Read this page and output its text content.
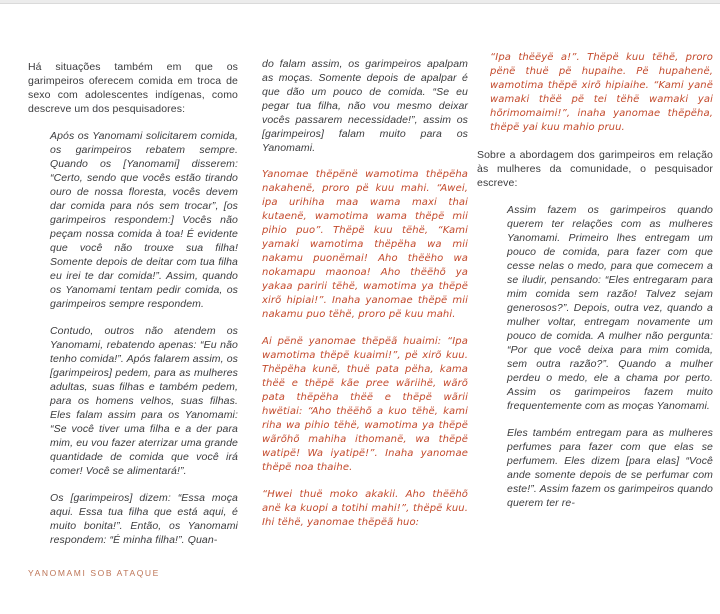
Há situações também em que os garimpeiros oferecem comida em troca de sexo com adolescentes indígenas, como descreve um dos pesquisadores:

Após os Yanomami solicitarem comida, os garimpeiros rebatem sempre. Quando os [Yanomami] disserem: “Certo, sendo que vocês estão tirando ouro de nossa floresta, vocês devem dar comida para nós sem trocar”, [os garimpeiros respondem:] Vocês não peçam nossa comida à toa! É evidente que você não trouxe sua filha! Somente depois de deitar com tua filha eu irei te dar comida!”. Assim, quando os Yanomami tentam pedir comida, os garimpeiros sempre respondem.

Contudo, outros não atendem os Yanomami, rebatendo apenas: “Eu não tenho comida!”. Após falarem assim, os [garimpeiros] pedem, para as mulheres adultas, suas filhas e também pedem, para os homens velhos, suas filhas. Eles falam assim para os Yanomami: “Se você tiver uma filha e a der para mim, eu vou fazer aterrizar uma grande quantidade de comida que você irá comer! Você se alimentará!”.

Os [garimpeiros] dizem: “Essa moça aqui. Essa tua filha que está aqui, é muito bonita!”. Então, os Yanomami respondem: “É minha filha!”. Quan-

do falam assim, os garimpeiros apalpam as moças. Somente depois de apalpar é que dão um pouco de comida. “Se eu pegar tua filha, não vou mesmo deixar vocês passarem necessidade!”, assim os [garimpeiros] falam muito para os Yanomami.

Yanomae thëpënë wamotima thëpëha nakahenë, proro pë kuu mahi. “Awei, ipa urihiha maa wama maxi thai kutaenë, wamotima wama thëpë mii pihio puo”. Thëpë kuu tëhë, “Kami yamaki wamotima thëpëha wa mii nakamu puonëmai! Aho thëëho wa nokamapu maonoa! Aho thëëhõ ya yakaa paririi tëhë, wamotima ya thëpë xirõ hipiai!”. Inaha yanomae thëpë mii nakamu puo tëhë, proro pë kuu mahi.

Ai pënë yanomae thëpëã huaimi: “Ipa wamotima thëpë kuaimi!”, pë xirõ kuu. Thëpëha kunë, thuë pata pëha, kama thëë e thëpë kãe pree wãriihë, wãrõ pata thëpëha thëë e thëpë wãrii hwëtiai: “Aho thëëhõ a kuo tëhë, kami riha wa pihio tëhë, wamotima ya thëpë wãrõhõ mahiha ithomanë, wa thëpë watipë! Wa iyatipë!”. Inaha yanomae thëpë noa thaihe.

“Hwei thuë moko akakii. Aho thëëhõ anë ka kuopi a totihi mahi!”, thëpë kuu. Ihi tëhë, yanomae thëpëã huo:

“Ipa thëëyë a!”. Thëpë kuu tëhë, proro pënë thuë pë hupaihe. Pë hupahenë, wamotima thëpë xirõ hipiaihe. “Kami yanë wamaki thëë pë tei tëhë wamaki yai hõrimomaimi!”, inaha yanomae thëpëha, thëpë yai kuu mahio pruu.

Sobre a abordagem dos garimpeiros em relação às mulheres da comunidade, o pesquisador escreve:

Assim fazem os garimpeiros quando querem ter relações com as mulheres Yanomami. Primeiro lhes entregam um pouco de comida, para fazer com que cesse nelas o medo, para que comecem a se iludir, pensando: “Eles entregaram para mim comida sem razão! Talvez sejam generosos?”. Depois, outra vez, quando a mulher voltar, entregam novamente um pouco de comida. A mulher não pergunta: “Por que você deixa para mim comida, sem outra razão?”. Quando a mulher perdeu o medo, ele a chama por perto. Assim os garimpeiros fazem muito frequentemente com as moças Yanomami.

Eles também entregam para as mulheres perfumes para fazer com que elas se perfumem. Eles dizem [para elas] “Você ande somente depois de se perfumar com este!”. Assim fazem os garimpeiros quando querem ter re-

YANOMAMI SOB ATAQUE
